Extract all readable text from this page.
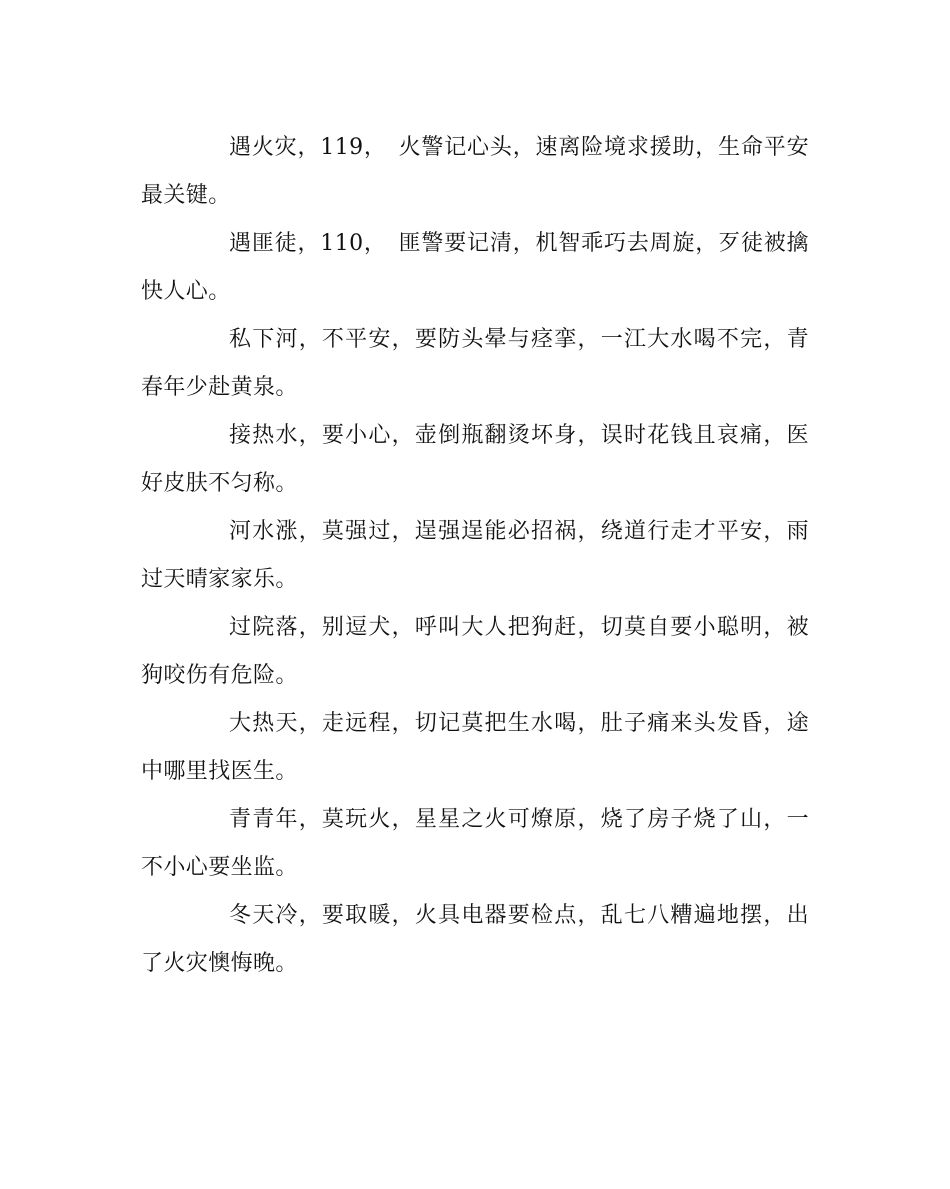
遇火灾，119，　火警记心头，速离险境求援助，生命平安最关键。

遇匪徒，110，　匪警要记清，机智乖巧去周旋，歹徒被擒快人心。

私下河，不平安，要防头晕与痉挛，一江大水喝不完，青春年少赴黄泉。

接热水，要小心，壶倒瓶翻烫坏身，误时花钱且哀痛，医好皮肤不匀称。

河水涨，莫强过，逞强逞能必招祸，绕道行走才平安，雨过天晴家家乐。

过院落，别逗犬，呼叫大人把狗赶，切莫自要小聪明，被狗咬伤有危险。

大热天，走远程，切记莫把生水喝，肚子痛来头发昏，途中哪里找医生。

青青年，莫玩火，星星之火可燎原，烧了房子烧了山，一不小心要坐监。

冬天冷，要取暖，火具电器要检点，乱七八糟遍地摆，出了火灾懊悔晚。
